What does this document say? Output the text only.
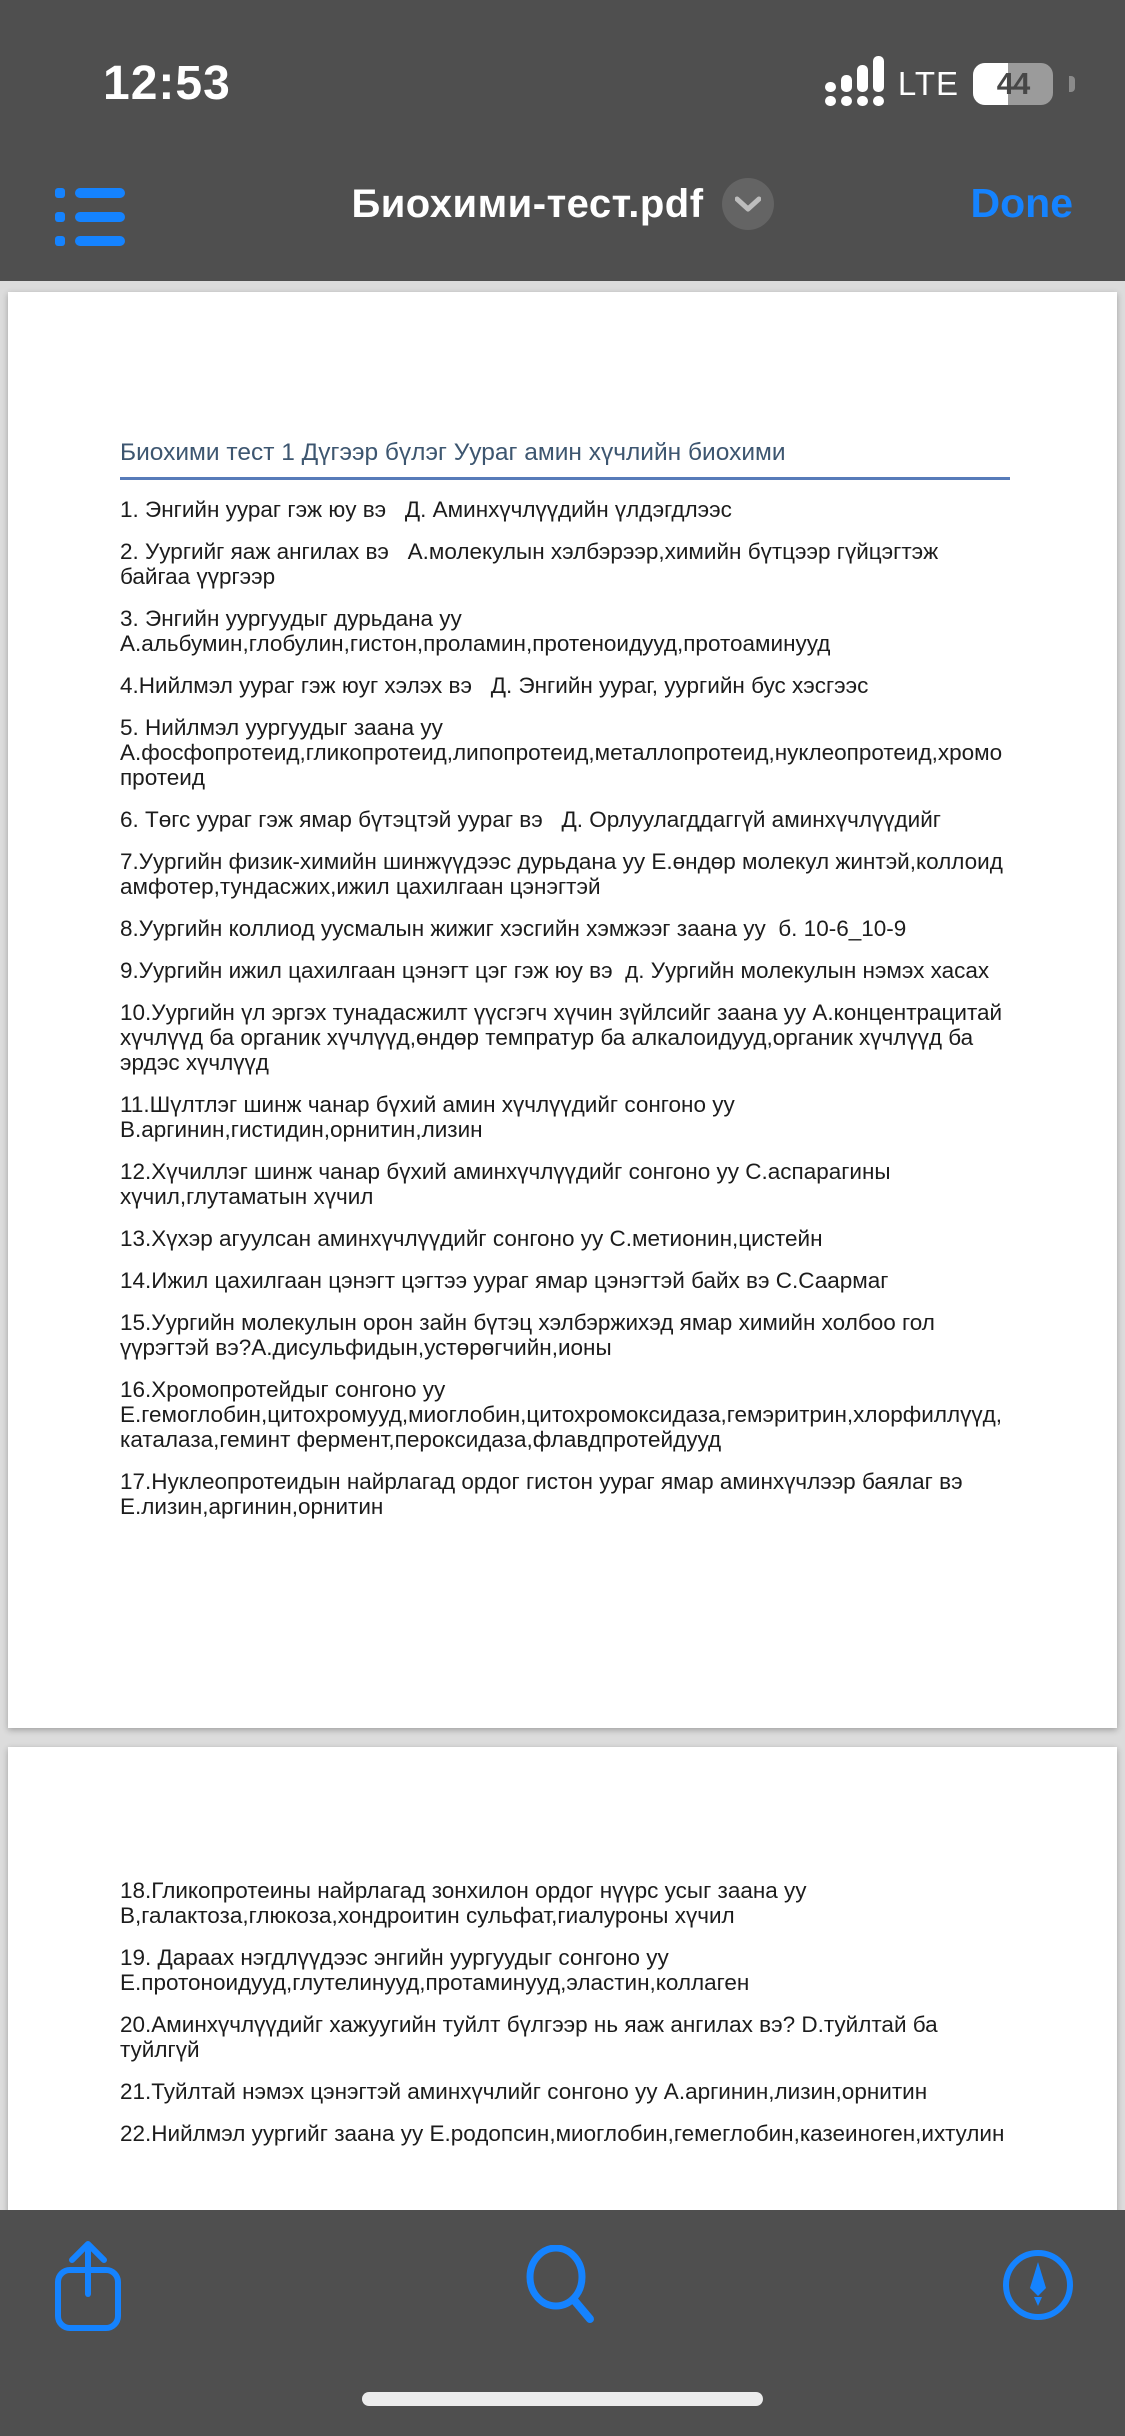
12:53	LTE	44
Биохими-тест.pdf	Done
Биохими тест 1 Дүгээр бүлэг Уураг амин хүчлийн биохими

1. Энгийн уураг гэж юу вэ   Д. Аминхүчлүүдийн үлдэгдлээс

2. Уургийг яаж ангилах вэ   А.молекулын хэлбэрээр,химийн бүтцээр гүйцэгтэж байгаа үүргээр

3. Энгийн уургуудыг дурьдана уу А.альбумин,глобулин,гистон,проламин,протеноидууд,протоаминууд

4.Нийлмэл уураг гэж юуг хэлэх вэ   Д. Энгийн уураг, уургийн бус хэсгээс

5. Нийлмэл уургуудыг заана уу А.фосфопротеид,гликопротеид,липопротеид,металлопротеид,нуклеопротеид,хромопротеид

6. Төгс уураг гэж ямар бүтэцтэй уураг вэ   Д. Орлуулагддаггүй аминхүчлүүдийг

7.Уургийн физик-химийн шинжүүдээс дурьдана уу Е.өндөр молекул жинтэй,коллоид амфотер,тундасжих,ижил цахилгаан цэнэгтэй

8.Уургийн коллиод уусмалын жижиг хэсгийн хэмжээг заана уу  б. 10-6_10-9

9.Уургийн ижил цахилгаан цэнэгт цэг гэж юу вэ  д. Уургийн молекулын нэмэх хасах

10.Уургийн үл эргэх тунадасжилт үүсгэгч хүчин зүйлсийг заана уу А.концентрацитай хүчлүүд ба органик хүчлүүд,өндөр темпратур ба алкалоидууд,органик хүчлүүд ба эрдэс хүчлүүд

11.Шүлтлэг шинж чанар бүхий амин хүчлүүдийг сонгоно уу В.аргинин,гистидин,орнитин,лизин

12.Хүчиллэг шинж чанар бүхий аминхүчлүүдийг сонгоно уу С.аспарагины хүчил,глутаматын хүчил

13.Хүхэр агуулсан аминхүчлүүдийг сонгоно уу С.метионин,цистейн

14.Ижил цахилгаан цэнэгт цэгтээ уураг ямар цэнэгтэй байх вэ С.Саармаг

15.Уургийн молекулын орон зайн бүтэц хэлбэржихэд ямар химийн холбоо гол үүрэгтэй вэ?А.дисульфидын,устөрөгчийн,ионы

16.Хромопротейдыг сонгоно уу Е.гемоглобин,цитохромууд,миоглобин,цитохромоксидаза,гемэритрин,хлорфиллүүд,каталаза,геминт фермент,пероксидаза,флавдпротейдууд

17.Нуклеопротеидын найрлагад ордог гистон уураг ямар аминхүчлээр баялаг вэ Е.лизин,аргинин,орнитин

18.Гликопротеины найрлагад зонхилон ордог нүүрс усыг заана уу В,галактоза,глюкоза,хондроитин сульфат,гиалуроны хүчил

19. Дараах нэгдлүүдээс энгийн уургуудыг сонгоно уу Е.протоноидууд,глутелинууд,протаминууд,эластин,коллаген

20.Аминхүчлүүдийг хажуугийн туйлт бүлгээр нь яаж ангилах вэ? D.туйлтай ба туйлгүй

21.Туйлтай нэмэх цэнэгтэй аминхүчлийг сонгоно уу А.аргинин,лизин,орнитин

22.Нийлмэл уургийг заана уу Е.родопсин,миоглобин,гемеглобин,казеиноген,ихтулин
